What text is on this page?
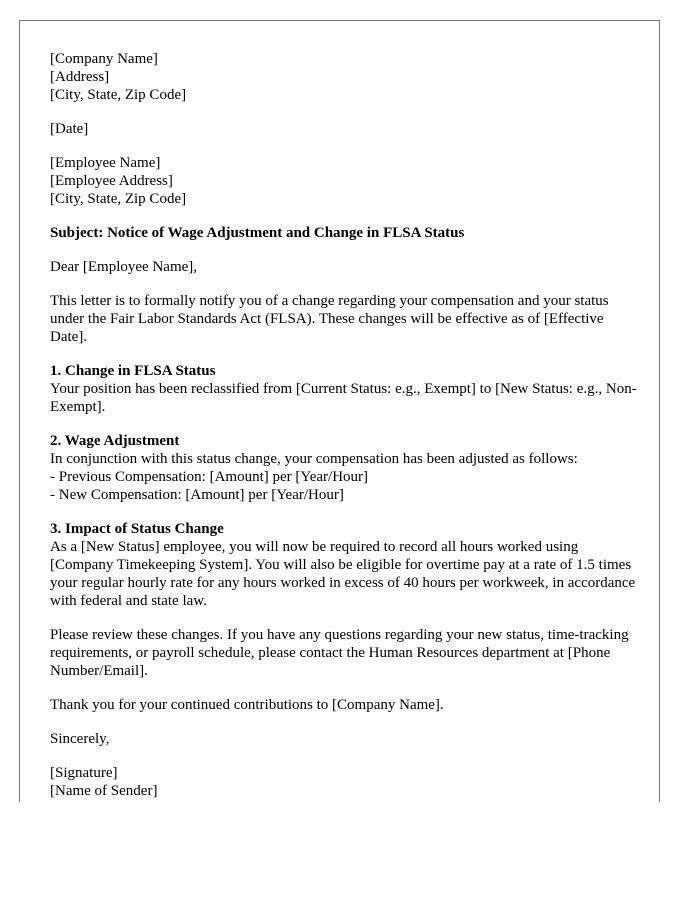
[Company Name]
[Address]
[City, State, Zip Code]
[Date]
[Employee Name]
[Employee Address]
[City, State, Zip Code]
Subject: Notice of Wage Adjustment and Change in FLSA Status
Dear [Employee Name],
This letter is to formally notify you of a change regarding your compensation and your status under the Fair Labor Standards Act (FLSA). These changes will be effective as of [Effective Date].
1. Change in FLSA Status
Your position has been reclassified from [Current Status: e.g., Exempt] to [New Status: e.g., Non-Exempt].
2. Wage Adjustment
In conjunction with this status change, your compensation has been adjusted as follows:
- Previous Compensation: [Amount] per [Year/Hour]
- New Compensation: [Amount] per [Year/Hour]
3. Impact of Status Change
As a [New Status] employee, you will now be required to record all hours worked using [Company Timekeeping System]. You will also be eligible for overtime pay at a rate of 1.5 times your regular hourly rate for any hours worked in excess of 40 hours per workweek, in accordance with federal and state law.
Please review these changes. If you have any questions regarding your new status, time-tracking requirements, or payroll schedule, please contact the Human Resources department at [Phone Number/Email].
Thank you for your continued contributions to [Company Name].
Sincerely,
[Signature]
[Name of Sender]
